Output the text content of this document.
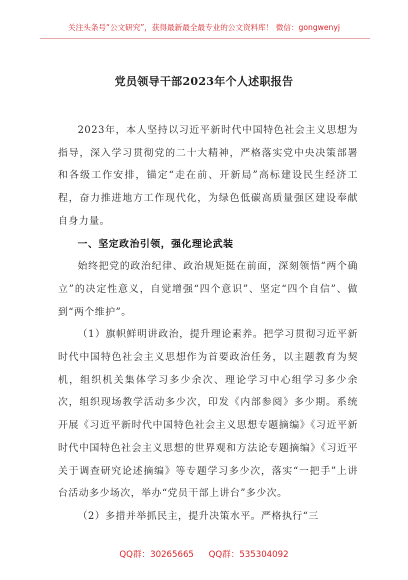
关注头条号“公文研究”，获得最新最全最专业的公文资料库！ 微信：gongwenyj
党员领导干部2023年个人述职报告

2023年，本人坚持以习近平新时代中国特色社会主义思想为指导，深入学习贯彻党的二十大精神，严格落实党中央决策部署和各级工作安排，锚定“走在前、开新局”高标建设民生经济工程，奋力推进地方工作现代化，为绿色低碳高质量强区建设奉献自身力量。

一、坚定政治引领，强化理论武装

始终把党的政治纪律、政治规矩挺在前面，深刻领悟“两个确立”的决定性意义，自觉增强“四个意识”、坚定“四个自信”、做到“两个维护”。

（1）旗帜鲜明讲政治，提升理论素养。把学习贯彻习近平新时代中国特色社会主义思想作为首要政治任务，以主题教育为契机，组织机关集体学习多少余次、理论学习中心组学习多少余次，组织现场教学活动多少次，印发《内部参阅》多少期。系统开展《习近平新时代中国特色社会主义思想专题摘编》《习近平新时代中国特色社会主义思想的世界观和方法论专题摘编》《习近平关于调查研究论述摘编》等专题学习多少次，落实“一把手”上讲台活动多少场次，举办“党员干部上讲台”多少次。

（2）多措并举抓民主，提升决策水平。严格执行“三

QQ群：30265665 QQ群：535304092
